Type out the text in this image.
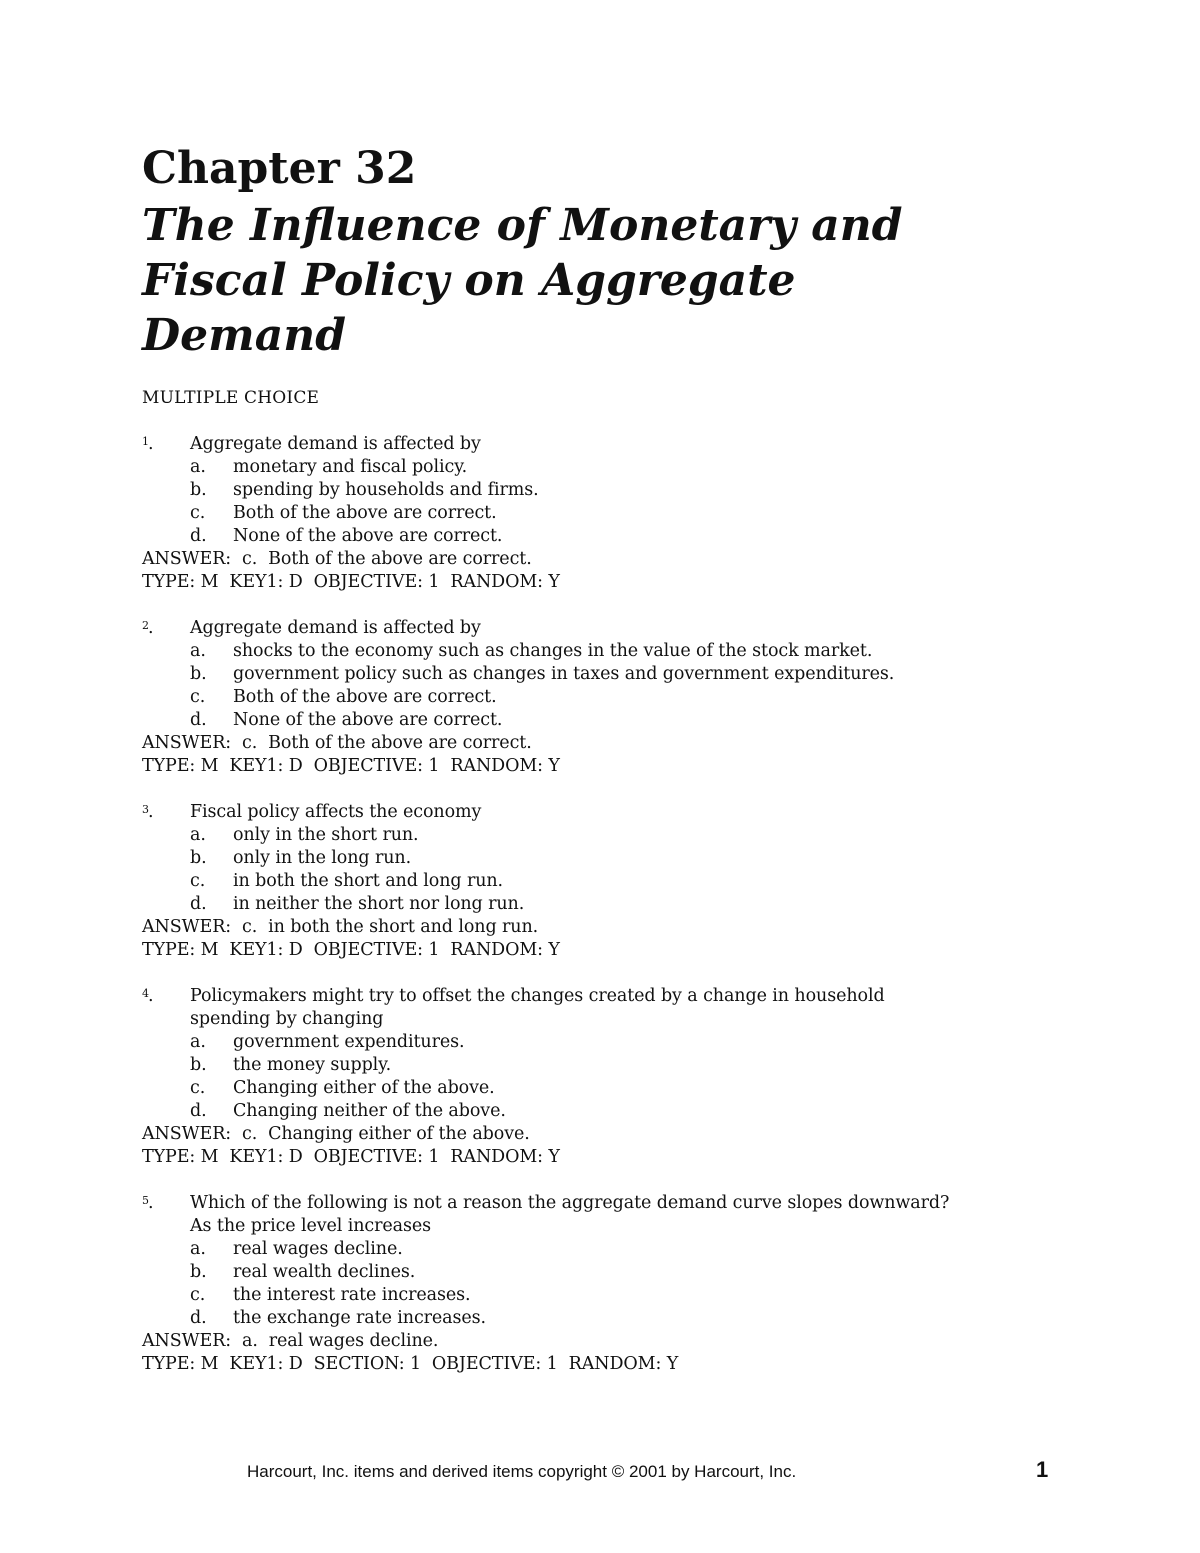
Chapter 32
The Influence of Monetary and
Fiscal Policy on Aggregate
Demand
MULTIPLE CHOICE
1 . Aggregate demand is affected by
a. monetary and fiscal policy.
b. spending by households and firms.
c. Both of the above are correct.
d. None of the above are correct.
ANSWER:  c.  Both of the above are correct.
TYPE: M  KEY1: D  OBJECTIVE: 1  RANDOM: Y
2 . Aggregate demand is affected by
a. shocks to the economy such as changes in the value of the stock market.
b. government policy such as changes in taxes and government expenditures.
c. Both of the above are correct.
d. None of the above are correct.
ANSWER:  c.  Both of the above are correct.
TYPE: M  KEY1: D  OBJECTIVE: 1  RANDOM: Y
3 . Fiscal policy affects the economy
a. only in the short run.
b. only in the long run.
c. in both the short and long run.
d. in neither the short nor long run.
ANSWER:  c.  in both the short and long run.
TYPE: M  KEY1: D  OBJECTIVE: 1  RANDOM: Y
4 . Policymakers might try to offset the changes created by a change in household
spending by changing
a. government expenditures.
b. the money supply.
c. Changing either of the above.
d. Changing neither of the above.
ANSWER:  c.  Changing either of the above.
TYPE: M  KEY1: D  OBJECTIVE: 1  RANDOM: Y
5 . Which of the following is not a reason the aggregate demand curve slopes downward?
As the price level increases
a. real wages decline.
b. real wealth declines.
c. the interest rate increases.
d. the exchange rate increases.
ANSWER:  a.  real wages decline.
TYPE: M  KEY1: D  SECTION: 1  OBJECTIVE: 1  RANDOM: Y
Harcourt, Inc. items and derived items copyright © 2001 by Harcourt, Inc.	1
